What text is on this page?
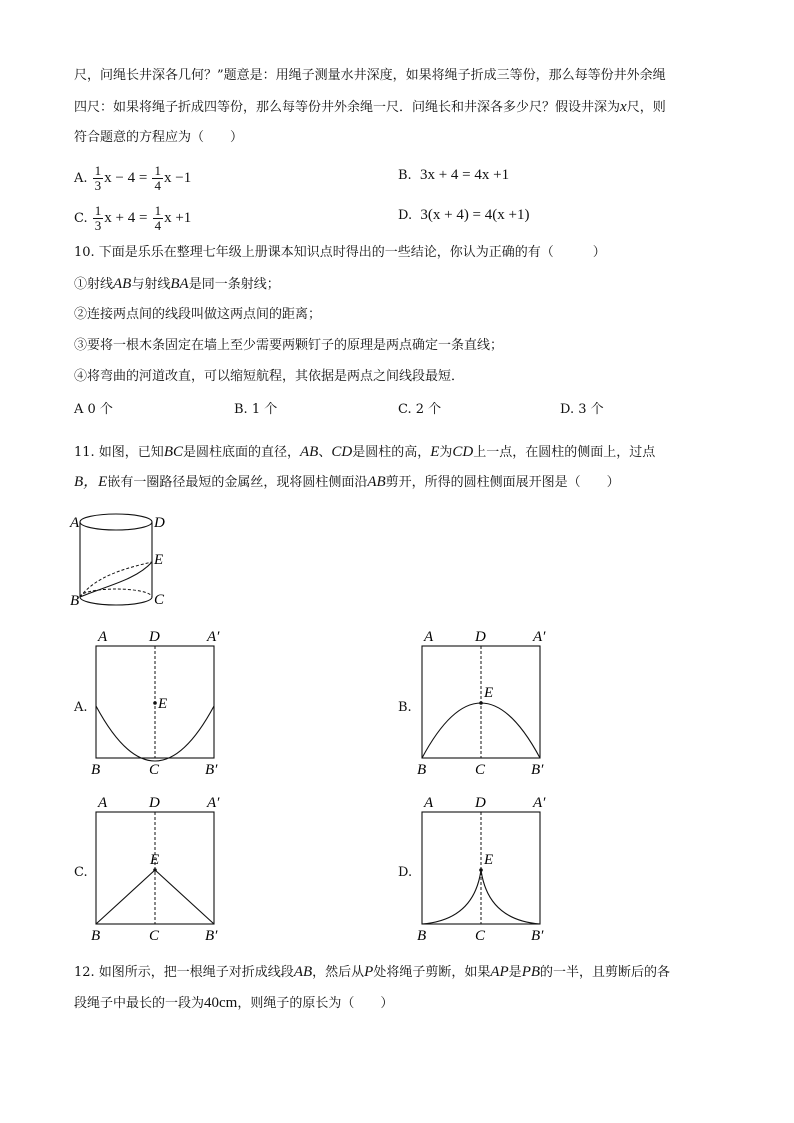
尺，问绳长井深各几何？”题意是：用绳子测量水井深度，如果将绳子折成三等份，那么每等份井外余绳
四尺：如果将绳子折成四等份，那么每等份井外余绳一尺．问绳长和井深各多少尺？假设井深为x尺，则
符合题意的方程应为（　　）
A. $\frac{1}{3}$ $x - 4 = \frac{1}{4}$ x −1	B. 3x + 4 = 4x +1
C. $\frac{1}{3}$ $x + 4 = \frac{1}{4}$ x +1	D. 3(x + 4) = 4(x +1)
10. 下面是乐乐在整理七年级上册课本知识点时得出的一些结论，你认为正确的有（　　　）
①射线AB与射线BA是同一条射线；
②连接两点间的线段叫做这两点间的距离；
③要将一根木条固定在墙上至少需要两颗钉子的原理是两点确定一条直线；
④将弯曲的河道改直，可以缩短航程，其依据是两点之间线段最短．
A 0 个	B. 1 个	C. 2 个	D. 3 个
11. 如图，已知BC是圆柱底面的直径，AB、CD是圆柱的高，E为CD上一点，在圆柱的侧面上，过点
B，E嵌有一圈路径最短的金属丝，现将圆柱侧面沿AB剪开，所得的圆柱侧面展开图是（　　）
A	D
E
B	C
A.
A	D	A′
E
B	C	B′
B.
A	D	A′
E
B	C	B′
C.
A	D	A′
E
B	C	B′
D.
A	D	A′
E
B	C	B′
12. 如图所示，把一根绳子对折成线段AB，然后从P处将绳子剪断，如果AP是PB的一半，且剪断后的各
段绳子中最长的一段为40cm，则绳子的原长为（　　）
